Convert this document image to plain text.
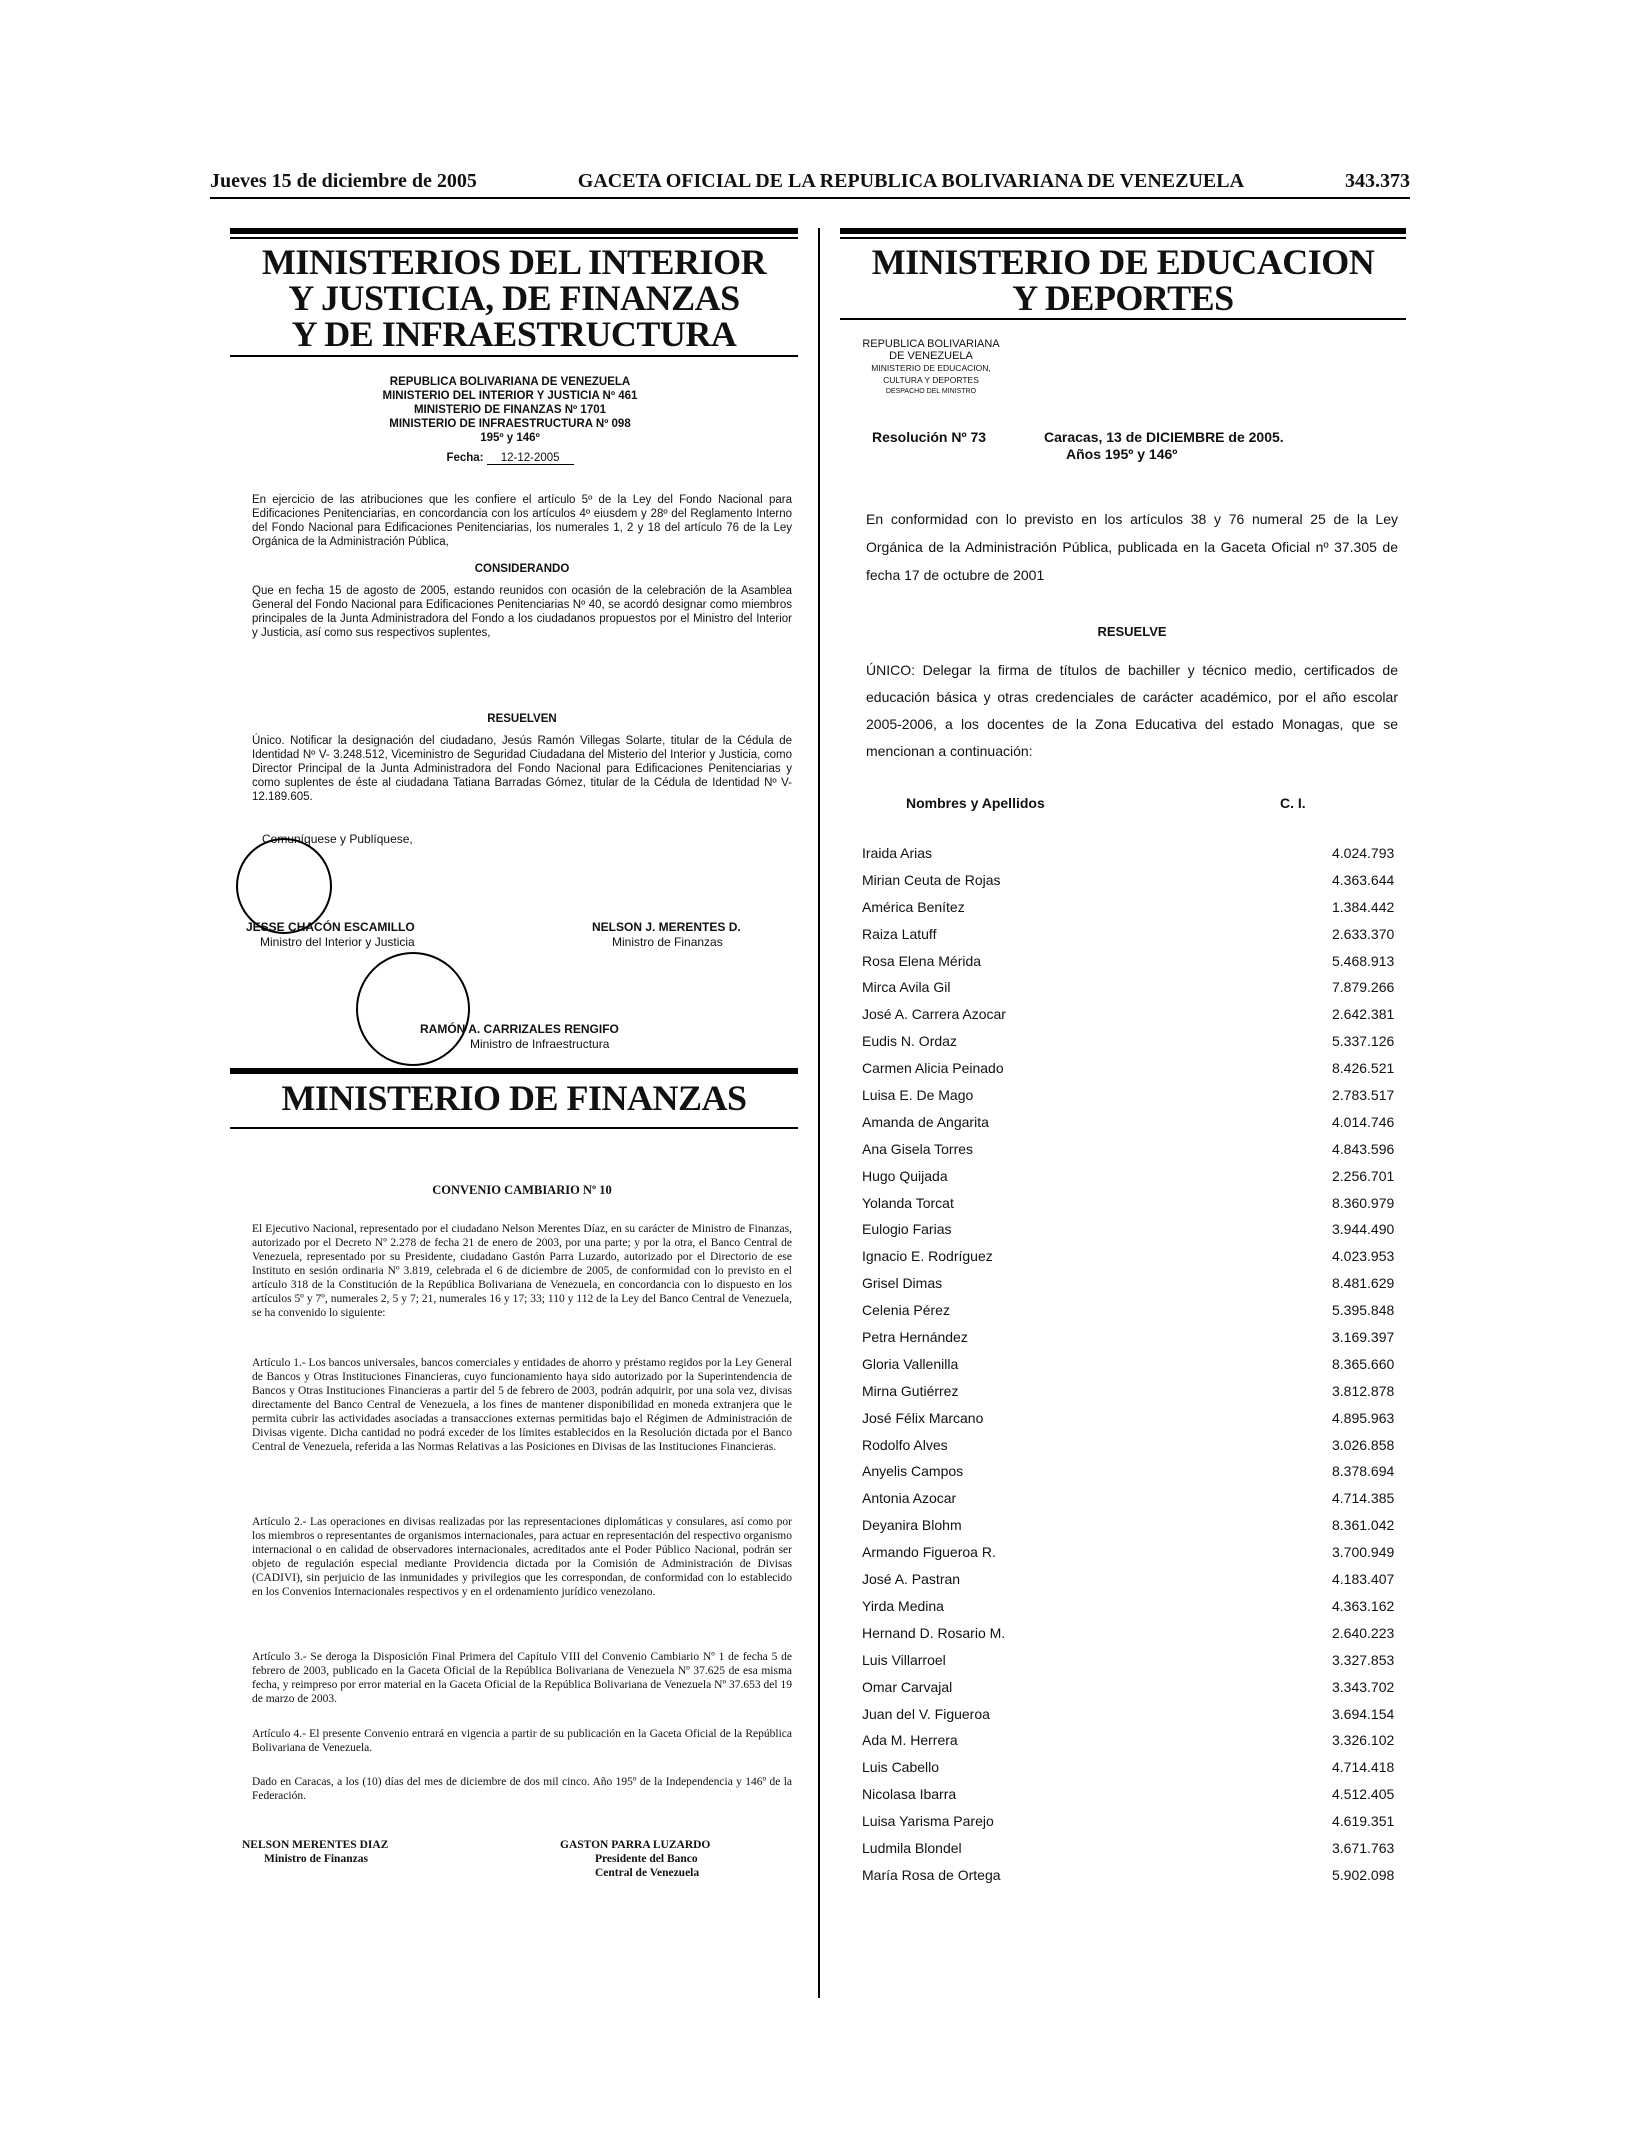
Jueves 15 de diciembre de 2005	GACETA OFICIAL DE LA REPUBLICA BOLIVARIANA DE VENEZUELA	343.373
MINISTERIOS DEL INTERIOR
Y JUSTICIA, DE FINANZAS
Y DE INFRAESTRUCTURA
REPUBLICA BOLIVARIANA DE VENEZUELA
MINISTERIO DEL INTERIOR Y JUSTICIA Nº 461
MINISTERIO DE FINANZAS Nº 1701
MINISTERIO DE INFRAESTRUCTURA Nº 098
195º y 146º
Fecha: 12-12-2005
En ejercicio de las atribuciones que les confiere el artículo 5º de la Ley del Fondo Nacional para Edificaciones Penitenciarias, en concordancia con los artículos 4º eiusdem y 28º del Reglamento Interno del Fondo Nacional para Edificaciones Penitenciarias, los numerales 1, 2 y 18 del artículo 76 de la Ley Orgánica de la Administración Pública,
CONSIDERANDO
Que en fecha 15 de agosto de 2005, estando reunidos con ocasión de la celebración de la Asamblea General del Fondo Nacional para Edificaciones Penitenciarias Nº 40, se acordó designar como miembros principales de la Junta Administradora del Fondo a los ciudadanos propuestos por el Ministro del Interior y Justicia, así como sus respectivos suplentes,
RESUELVEN
Único. Notificar la designación del ciudadano, Jesús Ramón Villegas Solarte, titular de la Cédula de Identidad Nº V- 3.248.512, Viceministro de Seguridad Ciudadana del Misterio del Interior y Justicia, como Director Principal de la Junta Administradora del Fondo Nacional para Edificaciones Penitenciarias y como suplentes de éste al ciudadana Tatiana Barradas Gómez, titular de la Cédula de Identidad Nº V- 12.189.605.
Comuníquese y Publíquese,
JESSE CHACÓN ESCAMILLO
Ministro del Interior y Justicia
NELSON J. MERENTES D.
Ministro de Finanzas
RAMÓN A. CARRIZALES RENGIFO
Ministro de Infraestructura
MINISTERIO DE FINANZAS
CONVENIO CAMBIARIO Nº 10
El Ejecutivo Nacional, representado por el ciudadano Nelson Merentes Díaz, en su carácter de Ministro de Finanzas, autorizado por el Decreto Nº 2.278 de fecha 21 de enero de 2003, por una parte; y por la otra, el Banco Central de Venezuela, representado por su Presidente, ciudadano Gastón Parra Luzardo, autorizado por el Directorio de ese Instituto en sesión ordinaria Nº 3.819, celebrada el 6 de diciembre de 2005, de conformidad con lo previsto en el artículo 318 de la Constitución de la República Bolivariana de Venezuela, en concordancia con lo dispuesto en los artículos 5º y 7º, numerales 2, 5 y 7; 21, numerales 16 y 17; 33; 110 y 112 de la Ley del Banco Central de Venezuela, se ha convenido lo siguiente:
Artículo 1.- Los bancos universales, bancos comerciales y entidades de ahorro y préstamo regidos por la Ley General de Bancos y Otras Instituciones Financieras, cuyo funcionamiento haya sido autorizado por la Superintendencia de Bancos y Otras Instituciones Financieras a partir del 5 de febrero de 2003, podrán adquirir, por una sola vez, divisas directamente del Banco Central de Venezuela, a los fines de mantener disponibilidad en moneda extranjera que le permita cubrir las actividades asociadas a transacciones externas permitidas bajo el Régimen de Administración de Divisas vigente. Dicha cantidad no podrá exceder de los límites establecidos en la Resolución dictada por el Banco Central de Venezuela, referida a las Normas Relativas a las Posiciones en Divisas de las Instituciones Financieras.
Artículo 2.- Las operaciones en divisas realizadas por las representaciones diplomáticas y consulares, así como por los miembros o representantes de organismos internacionales, para actuar en representación del respectivo organismo internacional o en calidad de observadores internacionales, acreditados ante el Poder Público Nacional, podrán ser objeto de regulación especial mediante Providencia dictada por la Comisión de Administración de Divisas (CADIVI), sin perjuicio de las inmunidades y privilegios que les correspondan, de conformidad con lo establecido en los Convenios Internacionales respectivos y en el ordenamiento jurídico venezolano.
Artículo 3.- Se deroga la Disposición Final Primera del Capítulo VIII del Convenio Cambiario Nº 1 de fecha 5 de febrero de 2003, publicado en la Gaceta Oficial de la República Bolivariana de Venezuela Nº 37.625 de esa misma fecha, y reimpreso por error material en la Gaceta Oficial de la República Bolivariana de Venezuela Nº 37.653 del 19 de marzo de 2003.
Artículo 4.- El presente Convenio entrará en vigencia a partir de su publicación en la Gaceta Oficial de la República Bolivariana de Venezuela.
Dado en Caracas, a los (10) días del mes de diciembre de dos mil cinco. Año 195º de la Independencia y 146º de la Federación.
NELSON MERENTES DIAZ
Ministro de Finanzas
GASTON PARRA LUZARDO
Presidente del Banco
Central de Venezuela
MINISTERIO DE EDUCACION
Y DEPORTES
REPUBLICA BOLIVARIANA
DE VENEZUELA
MINISTERIO DE EDUCACION,
CULTURA Y DEPORTES
DESPACHO DEL MINISTRO
Resolución Nº 73	Caracas, 13 de DICIEMBRE de 2005.
Años 195º y 146º
En conformidad con lo previsto en los artículos 38 y 76 numeral 25 de la Ley Orgánica de la Administración Pública, publicada en la Gaceta Oficial nº 37.305 de fecha 17 de octubre de 2001
RESUELVE
ÚNICO: Delegar la firma de títulos de bachiller y técnico medio, certificados de educación básica y otras credenciales de carácter académico, por el año escolar 2005-2006, a los docentes de la Zona Educativa del estado Monagas, que se mencionan a continuación:
Nombres y Apellidos	C. I.
Iraida Arias	4.024.793
Mirian Ceuta de Rojas	4.363.644
América Benítez	1.384.442
Raiza Latuff	2.633.370
Rosa Elena Mérida	5.468.913
Mirca Avila Gil	7.879.266
José A. Carrera Azocar	2.642.381
Eudis N. Ordaz	5.337.126
Carmen Alicia Peinado	8.426.521
Luisa E. De Mago	2.783.517
Amanda de Angarita	4.014.746
Ana Gisela Torres	4.843.596
Hugo Quijada	2.256.701
Yolanda Torcat	8.360.979
Eulogio Farias	3.944.490
Ignacio E. Rodríguez	4.023.953
Grisel Dimas	8.481.629
Celenia Pérez	5.395.848
Petra Hernández	3.169.397
Gloria Vallenilla	8.365.660
Mirna Gutiérrez	3.812.878
José Félix Marcano	4.895.963
Rodolfo Alves	3.026.858
Anyelis Campos	8.378.694
Antonia Azocar	4.714.385
Deyanira Blohm	8.361.042
Armando Figueroa R.	3.700.949
José A. Pastran	4.183.407
Yirda Medina	4.363.162
Hernand D. Rosario M.	2.640.223
Luis Villarroel	3.327.853
Omar Carvajal	3.343.702
Juan del V. Figueroa	3.694.154
Ada M. Herrera	3.326.102
Luis Cabello	4.714.418
Nicolasa Ibarra	4.512.405
Luisa Yarisma Parejo	4.619.351
Ludmila Blondel	3.671.763
María Rosa de Ortega	5.902.098
